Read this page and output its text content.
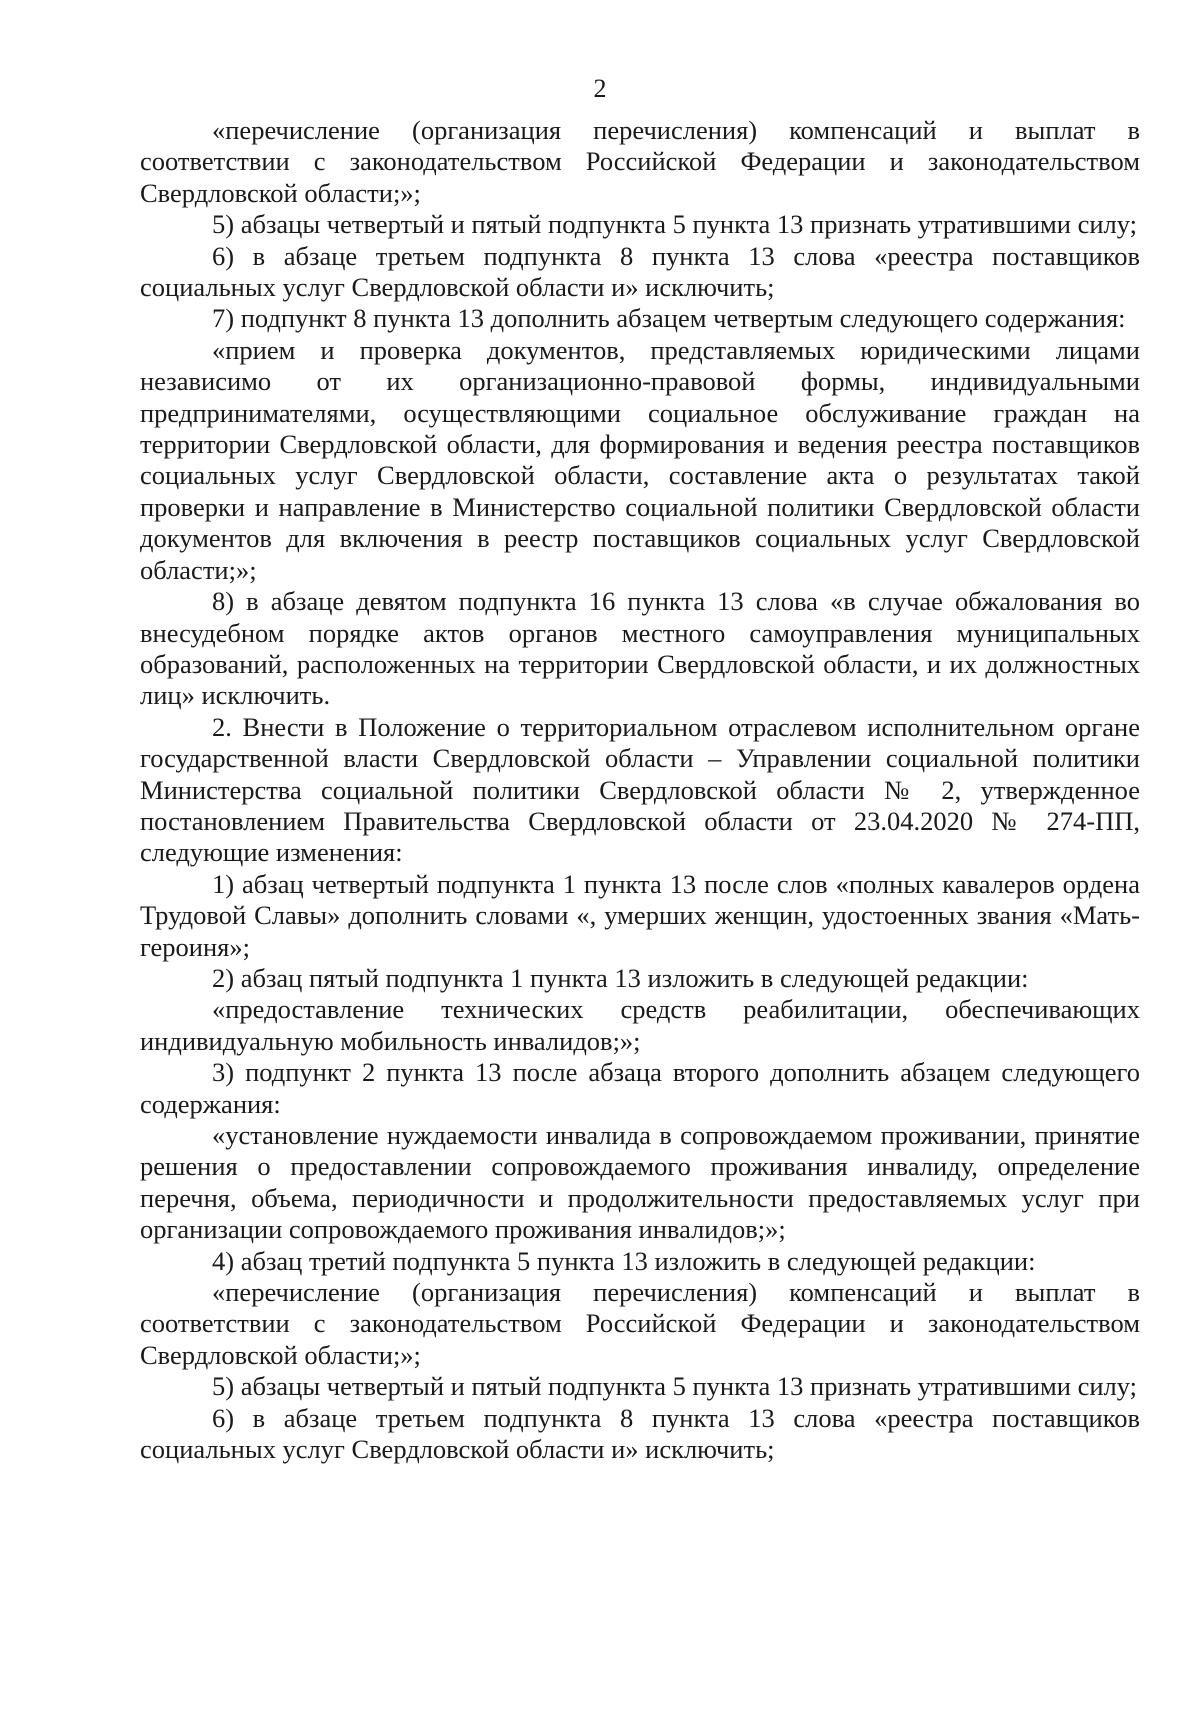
2

«перечисление (организация перечисления) компенсаций и выплат в соответствии с законодательством Российской Федерации и законодательством Свердловской области;»;

5) абзацы четвертый и пятый подпункта 5 пункта 13 признать утратившими силу;

6) в абзаце третьем подпункта 8 пункта 13 слова «реестра поставщиков социальных услуг Свердловской области и» исключить;

7) подпункт 8 пункта 13 дополнить абзацем четвертым следующего содержания:

«прием и проверка документов, представляемых юридическими лицами независимо от их организационно-правовой формы, индивидуальными предпринимателями, осуществляющими социальное обслуживание граждан на территории Свердловской области, для формирования и ведения реестра поставщиков социальных услуг Свердловской области, составление акта о результатах такой проверки и направление в Министерство социальной политики Свердловской области документов для включения в реестр поставщиков социальных услуг Свердловской области;»;

8) в абзаце девятом подпункта 16 пункта 13 слова «в случае обжалования во внесудебном порядке актов органов местного самоуправления муниципальных образований, расположенных на территории Свердловской области, и их должностных лиц» исключить.

2. Внести в Положение о территориальном отраслевом исполнительном органе государственной власти Свердловской области – Управлении социальной политики Министерства социальной политики Свердловской области № 2, утвержденное постановлением Правительства Свердловской области от 23.04.2020 № 274-ПП, следующие изменения:

1) абзац четвертый подпункта 1 пункта 13 после слов «полных кавалеров ордена Трудовой Славы» дополнить словами «, умерших женщин, удостоенных звания «Мать-героиня»;

2) абзац пятый подпункта 1 пункта 13 изложить в следующей редакции:

«предоставление технических средств реабилитации, обеспечивающих индивидуальную мобильность инвалидов;»;

3) подпункт 2 пункта 13 после абзаца второго дополнить абзацем следующего содержания:

«установление нуждаемости инвалида в сопровождаемом проживании, принятие решения о предоставлении сопровождаемого проживания инвалиду, определение перечня, объема, периодичности и продолжительности предоставляемых услуг при организации сопровождаемого проживания инвалидов;»;

4) абзац третий подпункта 5 пункта 13 изложить в следующей редакции:

«перечисление (организация перечисления) компенсаций и выплат в соответствии с законодательством Российской Федерации и законодательством Свердловской области;»;

5) абзацы четвертый и пятый подпункта 5 пункта 13 признать утратившими силу;

6) в абзаце третьем подпункта 8 пункта 13 слова «реестра поставщиков социальных услуг Свердловской области и» исключить;
